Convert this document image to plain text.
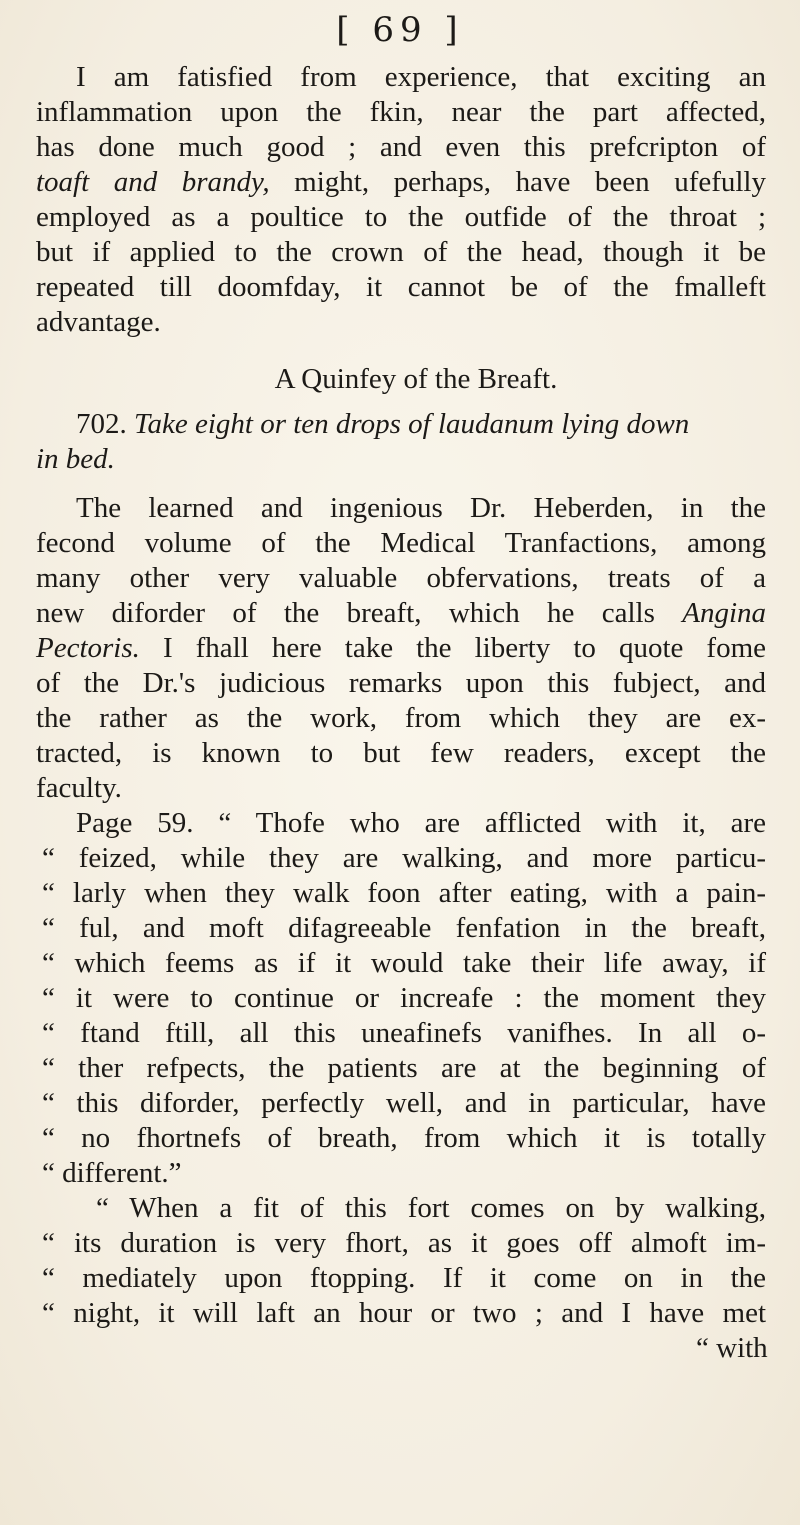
[ 69 ]
I am fatisfied from experience, that exciting an
inflammation upon the fkin, near the part affected,
has done much good ; and even this prefcripton of
toaft and brandy, might, perhaps, have been ufefully
employed as a poultice to the outfide of the throat ;
but if applied to the crown of the head, though it be
repeated till doomfday, it cannot be of the fmalleft
advantage.
A Quinfey of the Breaft.
702. Take eight or ten drops of laudanum lying down
in bed.
The learned and ingenious Dr. Heberden, in the
fecond volume of the Medical Tranfactions, among
many other very valuable obfervations, treats of a
new diforder of the breaft, which he calls Angina
Pectoris. I fhall here take the liberty to quote fome
of the Dr.'s judicious remarks upon this fubject, and
the rather as the work, from which they are ex-
tracted, is known to but few readers, except the
faculty.
Page 59. “ Thofe who are afflicted with it, are
“ feized, while they are walking, and more particu-
“ larly when they walk foon after eating, with a pain-
“ ful, and moft difagreeable fenfation in the breaft,
“ which feems as if it would take their life away, if
“ it were to continue or increafe : the moment they
“ ftand ftill, all this uneafinefs vanifhes. In all o-
“ ther refpects, the patients are at the beginning of
“ this diforder, perfectly well, and in particular, have
“ no fhortnefs of breath, from which it is totally
“ different.”
“ When a fit of this fort comes on by walking,
“ its duration is very fhort, as it goes off almoft im-
“ mediately upon ftopping. If it come on in the
“ night, it will laft an hour or two ; and I have met
“ with
